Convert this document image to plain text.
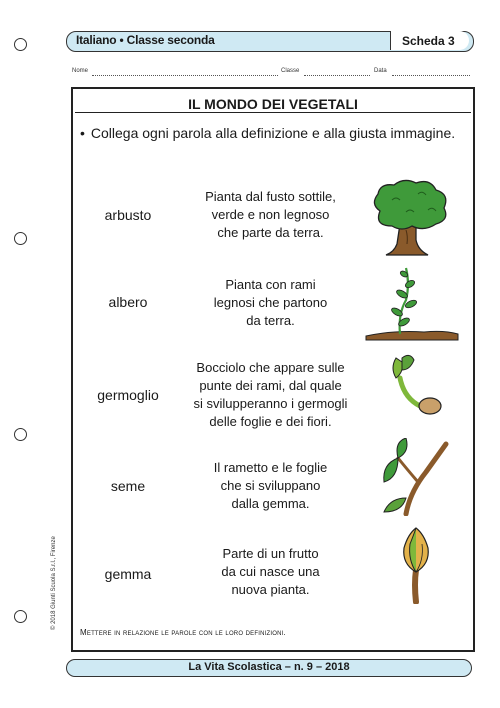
Italiano • Classe seconda	Scheda 3
Nome	Classe	Data
IL MONDO DEI VEGETALI
• Collega ogni parola alla definizione e alla giusta immagine.
arbusto
albero
germoglio
seme
gemma
Pianta dal fusto sottile,
verde e non legnoso
che parte da terra.
Pianta con rami
legnosi che partono
da terra.
Bocciolo che appare sulle
punte dei rami, dal quale
si svilupperanno i germogli
delle foglie e dei fiori.
Il rametto e le foglie
che si sviluppano
dalla gemma.
Parte di un frutto
da cui nasce una
nuova pianta.
Mettere in relazione le parole con le loro definizioni.
La Vita Scolastica – n. 9 – 2018
© 2018 Giunti Scuola S.r.l., Firenze
